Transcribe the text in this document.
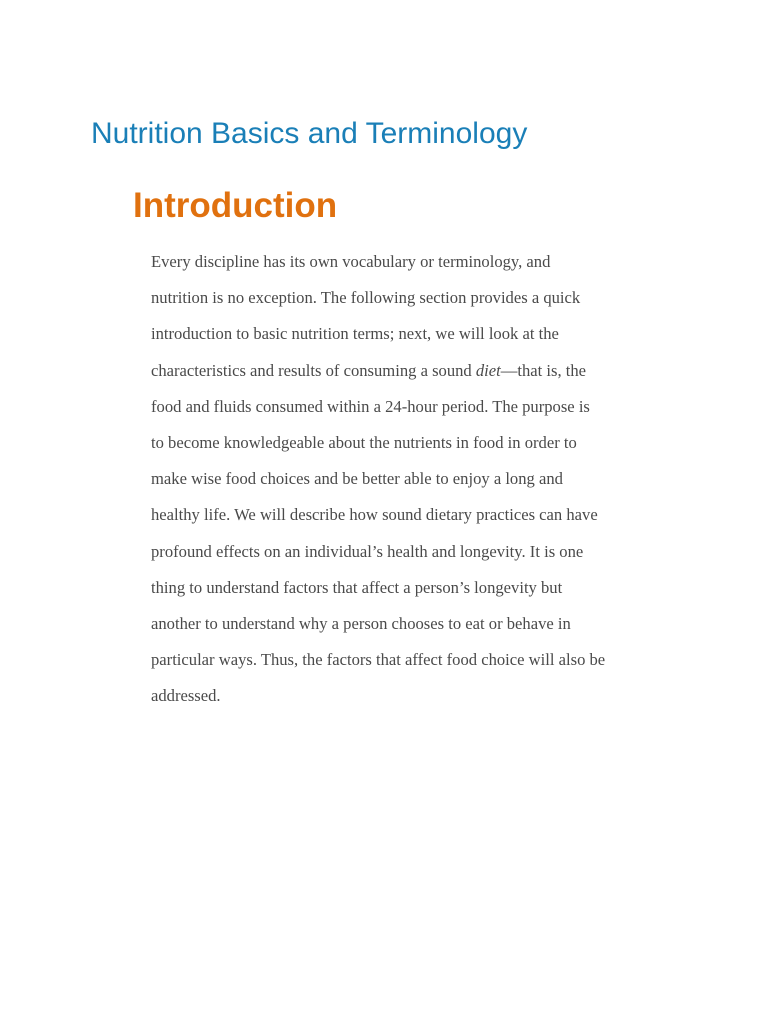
Nutrition Basics and Terminology
Introduction

Every discipline has its own vocabulary or terminology, and
nutrition is no exception. The following section provides a quick
introduction to basic nutrition terms; next, we will look at the
characteristics and results of consuming a sound diet—that is, the
food and fluids consumed within a 24-hour period. The purpose is
to become knowledgeable about the nutrients in food in order to
make wise food choices and be better able to enjoy a long and
healthy life. We will describe how sound dietary practices can have
profound effects on an individual’s health and longevity. It is one
thing to understand factors that affect a person’s longevity but
another to understand why a person chooses to eat or behave in
particular ways. Thus, the factors that affect food choice will also be
addressed.
